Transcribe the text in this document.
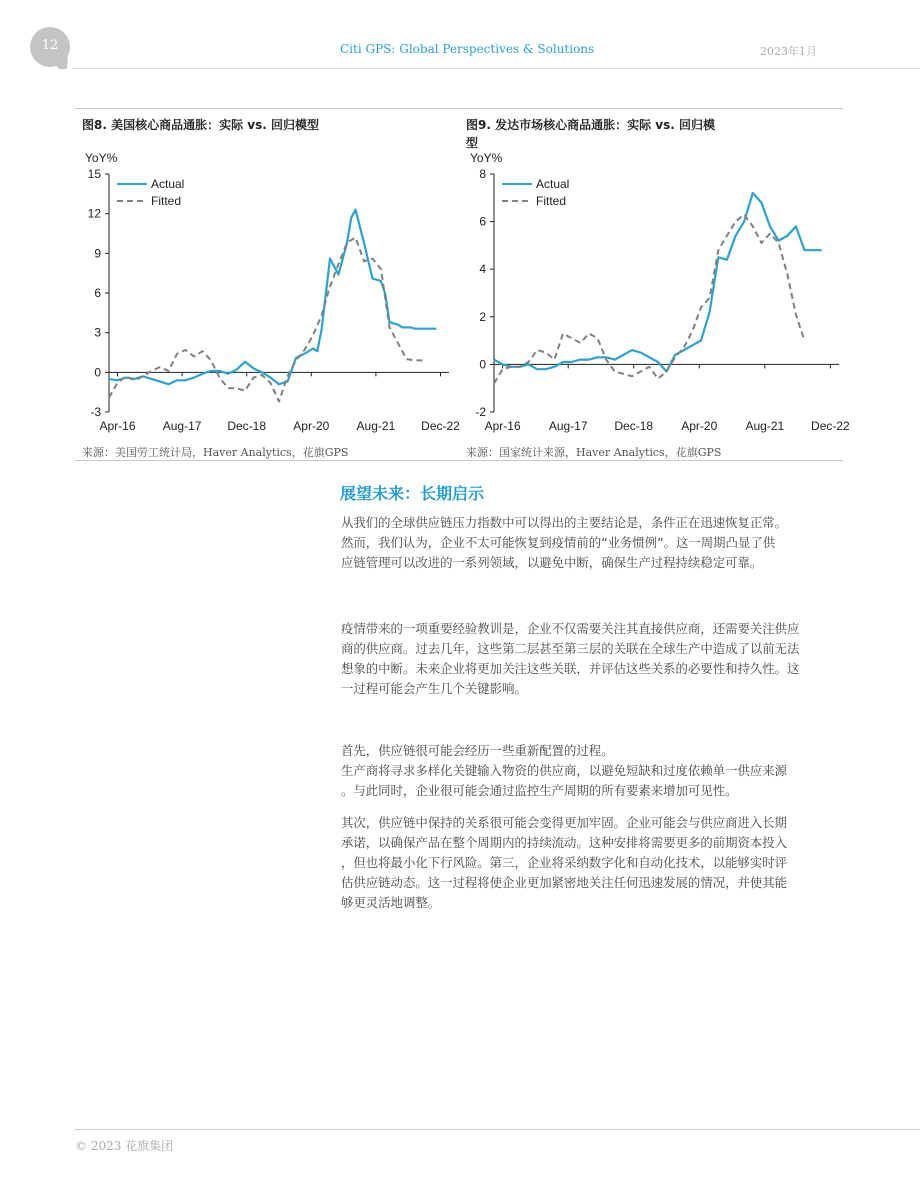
12	Citi GPS: Global Perspectives & Solutions	2023年1月
图8. 美国核心商品通胀：实际 vs. 回归模型	图9. 发达市场核心商品通胀：实际 vs. 回归模型
YoY%
-3
0
3
6
9
12
15
Apr-16 Aug-17 Dec-18 Apr-20 Aug-21 Dec-22
Actual
Fitted
YoY%
-2
0
2
4
6
8
Apr-16 Aug-17 Dec-18 Apr-20 Aug-21 Dec-22
Actual
Fitted
来源：美国劳工统计局，Haver Analytics，花旗GPS	来源：国家统计来源，Haver Analytics，花旗GPS
展望未来：长期启示

从我们的全球供应链压力指数中可以得出的主要结论是，条件正在迅速恢复正常。

然而，我们认为，企业不太可能恢复到疫情前的“业务惯例”。这一周期凸显了供

应链管理可以改进的一系列领域，以避免中断，确保生产过程持续稳定可靠。

疫情带来的一项重要经验教训是，企业不仅需要关注其直接供应商，还需要关注供应

商的供应商。过去几年，这些第二层甚至第三层的关联在全球生产中造成了以前无法

想象的中断。未来企业将更加关注这些关联，并评估这些关系的必要性和持久性。这

一过程可能会产生几个关键影响。

首先，供应链很可能会经历一些重新配置的过程。

生产商将寻求多样化关键输入物资的供应商，以避免短缺和过度依赖单一供应来源

。与此同时，企业很可能会通过监控生产周期的所有要素来增加可见性。

其次，供应链中保持的关系很可能会变得更加牢固。企业可能会与供应商进入长期

承诺，以确保产品在整个周期内的持续流动。这种安排将需要更多的前期资本投入

，但也将最小化下行风险。第三，企业将采纳数字化和自动化技术，以能够实时评

估供应链动态。这一过程将使企业更加紧密地关注任何迅速发展的情况，并使其能

够更灵活地调整。

© 2023 花旗集团
